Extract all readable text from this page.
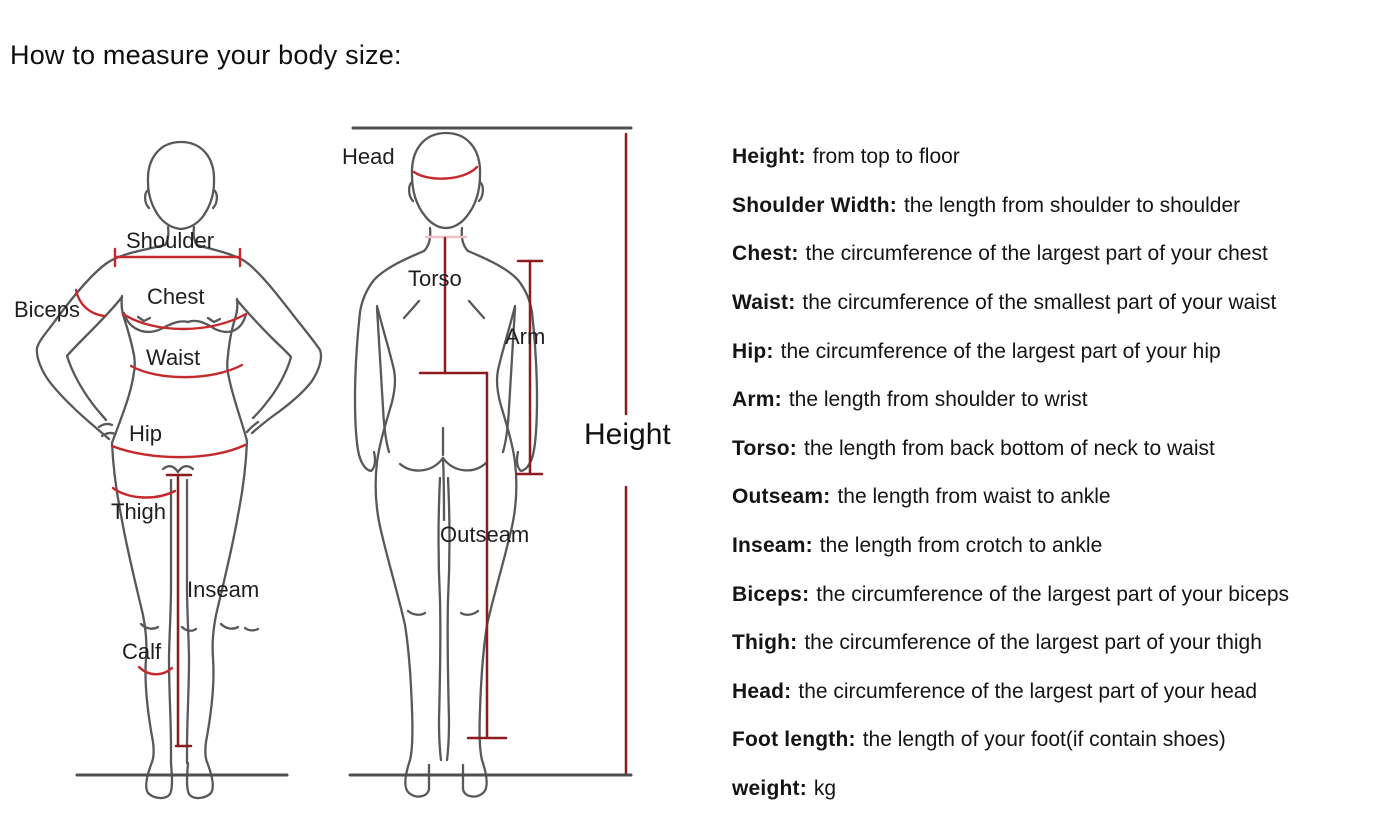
How to measure your body size:
Shoulder
Chest
Biceps
Waist
Hip
Thigh
Inseam
Calf
Head
Torso
Arm
Outseam
Height
Height: from top to floor
Shoulder Width: the length from shoulder to shoulder
Chest: the circumference of the largest part of your chest
Waist: the circumference of the smallest part of your waist
Hip: the circumference of the largest part of your hip
Arm: the length from shoulder to wrist
Torso: the length from back bottom of neck to waist
Outseam: the length from waist to ankle
Inseam: the length from crotch to ankle
Biceps: the circumference of the largest part of your biceps
Thigh: the circumference of the largest part of your thigh
Head: the circumference of the largest part of your head
Foot length: the length of your foot(if contain shoes)
weight: kg
